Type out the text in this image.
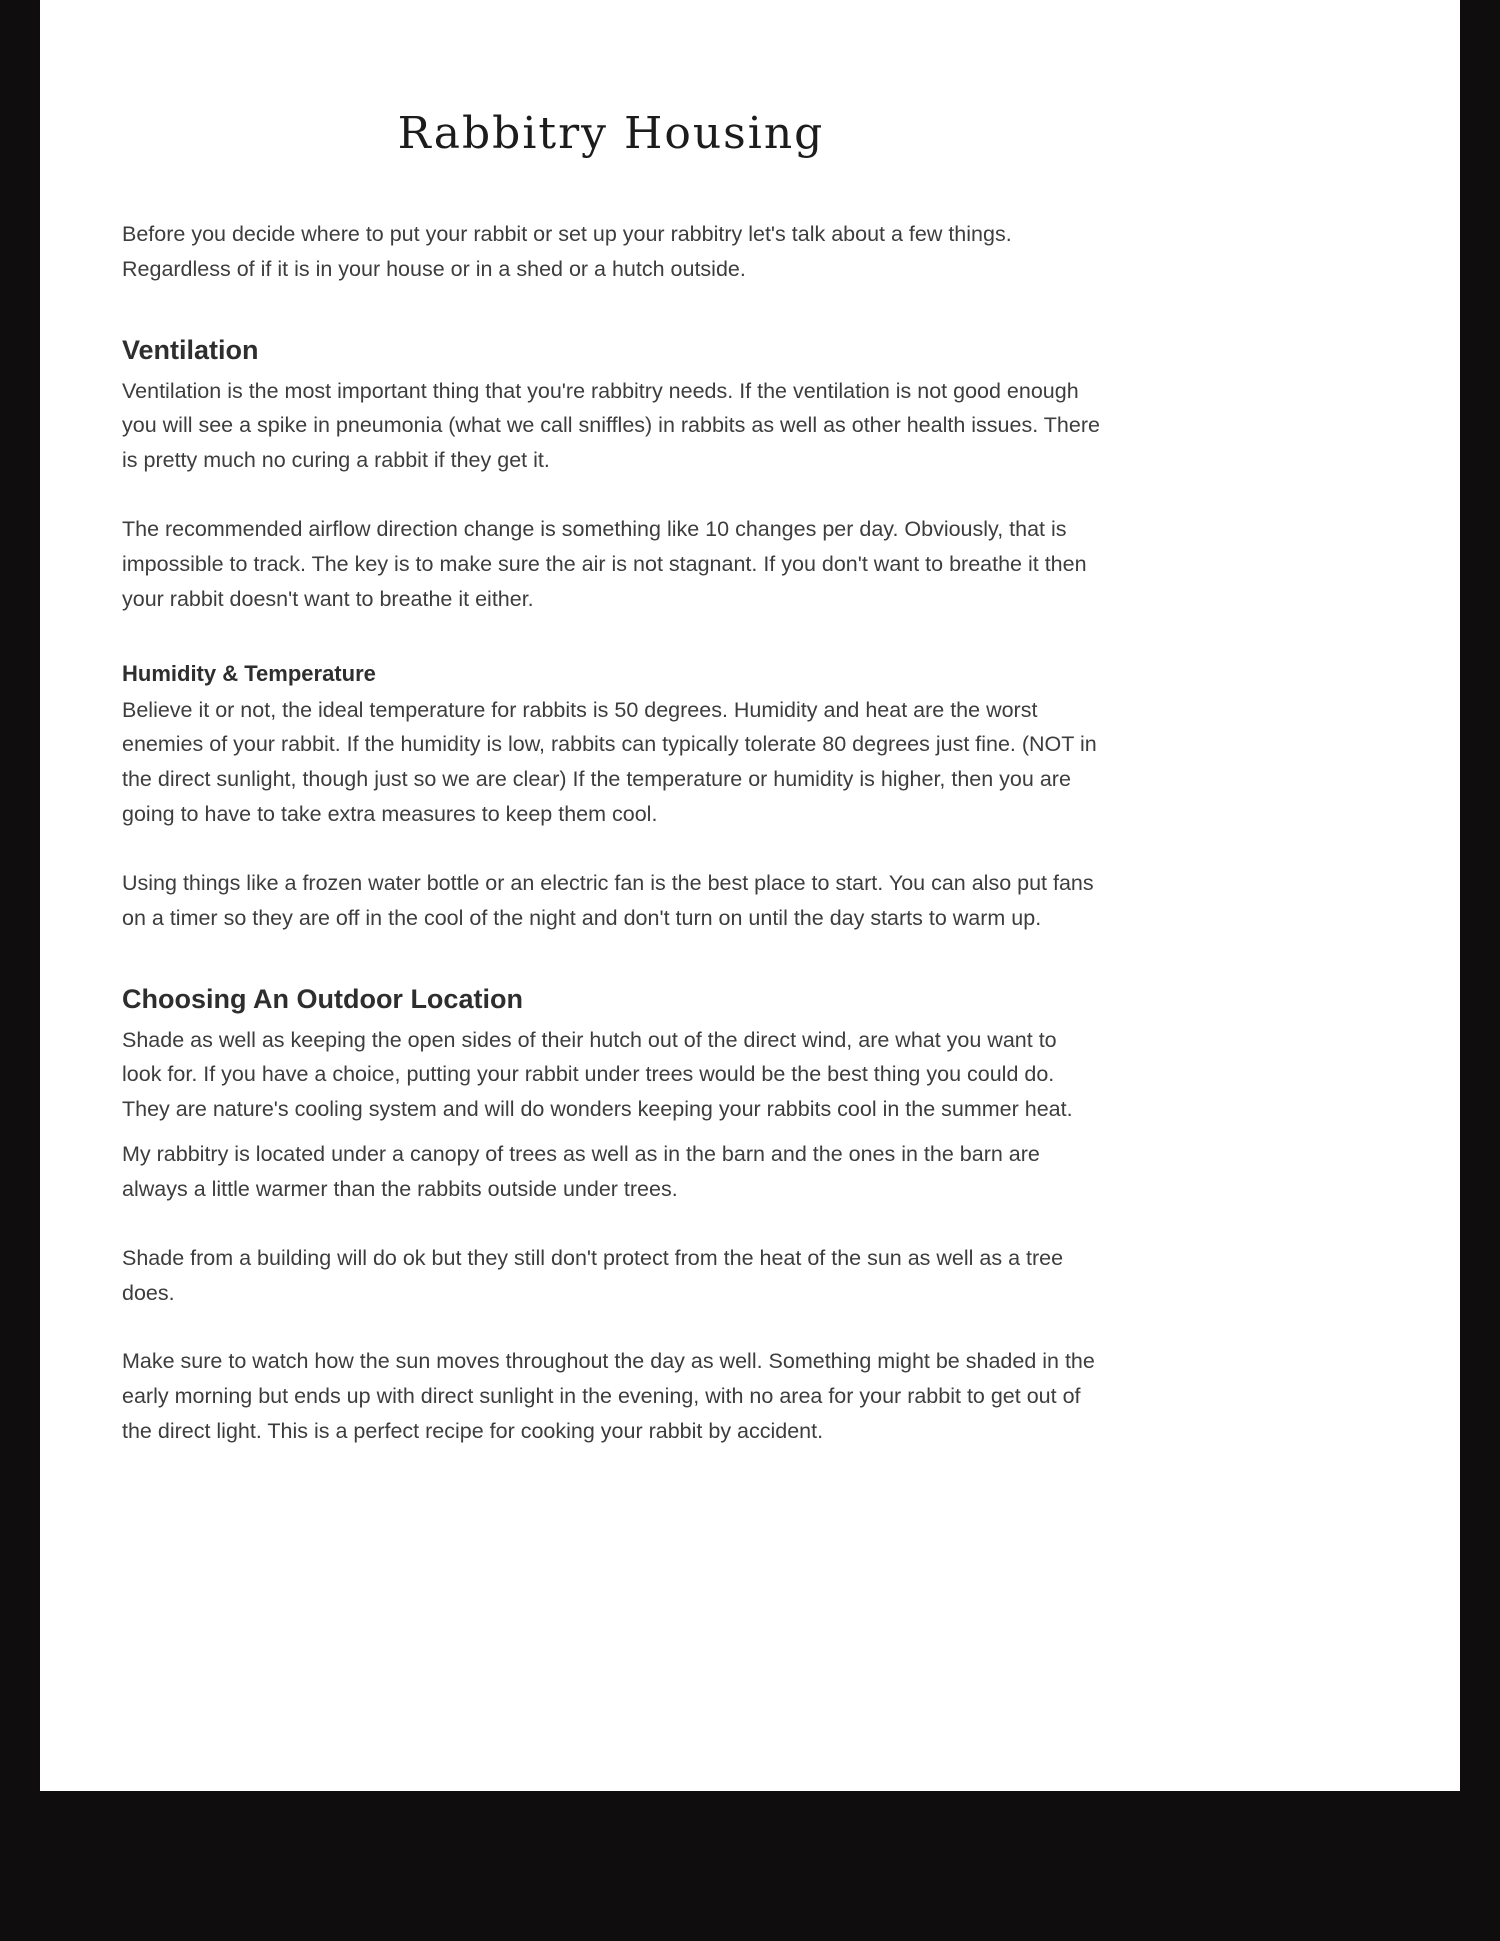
Rabbitry Housing

Before you decide where to put your rabbit or set up your rabbitry let's talk about a few things. Regardless of if it is in your house or in a shed or a hutch outside.

Ventilation

Ventilation is the most important thing that you're rabbitry needs. If the ventilation is not good enough you will see a spike in pneumonia (what we call sniffles) in rabbits as well as other health issues. There is pretty much no curing a rabbit if they get it.

The recommended airflow direction change is something like 10 changes per day. Obviously, that is impossible to track. The key is to make sure the air is not stagnant. If you don't want to breathe it then your rabbit doesn't want to breathe it either.

Humidity & Temperature

Believe it or not, the ideal temperature for rabbits is 50 degrees. Humidity and heat are the worst enemies of your rabbit. If the humidity is low, rabbits can typically tolerate 80 degrees just fine. (NOT in the direct sunlight, though just so we are clear) If the temperature or humidity is higher, then you are going to have to take extra measures to keep them cool.

Using things like a frozen water bottle or an electric fan is the best place to start. You can also put fans on a timer so they are off in the cool of the night and don't turn on until the day starts to warm up.

Choosing An Outdoor Location

Shade as well as keeping the open sides of their hutch out of the direct wind, are what you want to look for. If you have a choice, putting your rabbit under trees would be the best thing you could do. They are nature's cooling system and will do wonders keeping your rabbits cool in the summer heat.

My rabbitry is located under a canopy of trees as well as in the barn and the ones in the barn are always a little warmer than the rabbits outside under trees.

Shade from a building will do ok but they still don't protect from the heat of the sun as well as a tree does.

Make sure to watch how the sun moves throughout the day as well. Something might be shaded in the early morning but ends up with direct sunlight in the evening, with no area for your rabbit to get out of the direct light. This is a perfect recipe for cooking your rabbit by accident.
